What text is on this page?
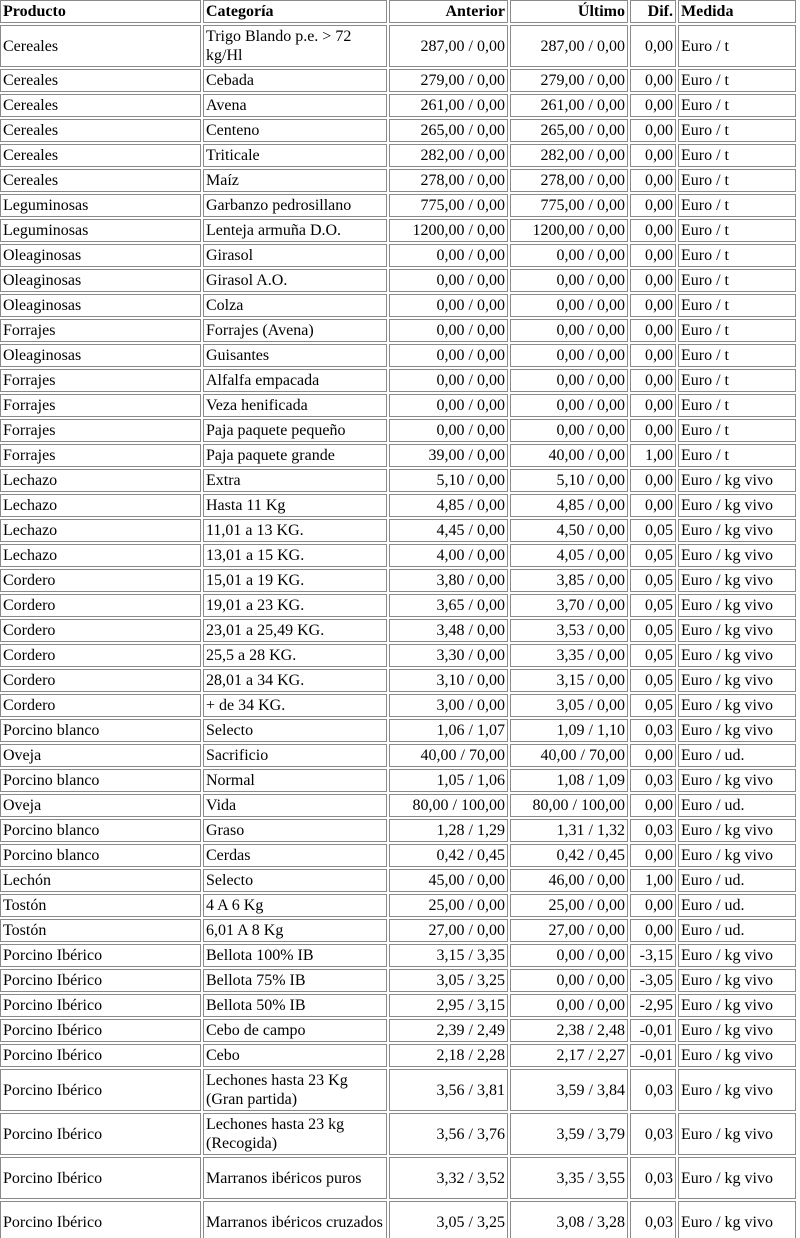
Producto	Categoría	Anterior	Último	Dif.	Medida
Cereales	Trigo Blando p.e. > 72 kg/Hl	287,00 / 0,00	287,00 / 0,00	0,00	Euro / t
Cereales	Cebada	279,00 / 0,00	279,00 / 0,00	0,00	Euro / t
Cereales	Avena	261,00 / 0,00	261,00 / 0,00	0,00	Euro / t
Cereales	Centeno	265,00 / 0,00	265,00 / 0,00	0,00	Euro / t
Cereales	Triticale	282,00 / 0,00	282,00 / 0,00	0,00	Euro / t
Cereales	Maíz	278,00 / 0,00	278,00 / 0,00	0,00	Euro / t
Leguminosas	Garbanzo pedrosillano	775,00 / 0,00	775,00 / 0,00	0,00	Euro / t
Leguminosas	Lenteja armuña D.O.	1200,00 / 0,00	1200,00 / 0,00	0,00	Euro / t
Oleaginosas	Girasol	0,00 / 0,00	0,00 / 0,00	0,00	Euro / t
Oleaginosas	Girasol A.O.	0,00 / 0,00	0,00 / 0,00	0,00	Euro / t
Oleaginosas	Colza	0,00 / 0,00	0,00 / 0,00	0,00	Euro / t
Forrajes	Forrajes (Avena)	0,00 / 0,00	0,00 / 0,00	0,00	Euro / t
Oleaginosas	Guisantes	0,00 / 0,00	0,00 / 0,00	0,00	Euro / t
Forrajes	Alfalfa empacada	0,00 / 0,00	0,00 / 0,00	0,00	Euro / t
Forrajes	Veza henificada	0,00 / 0,00	0,00 / 0,00	0,00	Euro / t
Forrajes	Paja paquete pequeño	0,00 / 0,00	0,00 / 0,00	0,00	Euro / t
Forrajes	Paja paquete grande	39,00 / 0,00	40,00 / 0,00	1,00	Euro / t
Lechazo	Extra	5,10 / 0,00	5,10 / 0,00	0,00	Euro / kg vivo
Lechazo	Hasta 11 Kg	4,85 / 0,00	4,85 / 0,00	0,00	Euro / kg vivo
Lechazo	11,01 a 13 KG.	4,45 / 0,00	4,50 / 0,00	0,05	Euro / kg vivo
Lechazo	13,01 a 15 KG.	4,00 / 0,00	4,05 / 0,00	0,05	Euro / kg vivo
Cordero	15,01 a 19 KG.	3,80 / 0,00	3,85 / 0,00	0,05	Euro / kg vivo
Cordero	19,01 a 23 KG.	3,65 / 0,00	3,70 / 0,00	0,05	Euro / kg vivo
Cordero	23,01 a 25,49 KG.	3,48 / 0,00	3,53 / 0,00	0,05	Euro / kg vivo
Cordero	25,5 a 28 KG.	3,30 / 0,00	3,35 / 0,00	0,05	Euro / kg vivo
Cordero	28,01 a 34 KG.	3,10 / 0,00	3,15 / 0,00	0,05	Euro / kg vivo
Cordero	+ de 34 KG.	3,00 / 0,00	3,05 / 0,00	0,05	Euro / kg vivo
Porcino blanco	Selecto	1,06 / 1,07	1,09 / 1,10	0,03	Euro / kg vivo
Oveja	Sacrificio	40,00 / 70,00	40,00 / 70,00	0,00	Euro / ud.
Porcino blanco	Normal	1,05 / 1,06	1,08 / 1,09	0,03	Euro / kg vivo
Oveja	Vida	80,00 / 100,00	80,00 / 100,00	0,00	Euro / ud.
Porcino blanco	Graso	1,28 / 1,29	1,31 / 1,32	0,03	Euro / kg vivo
Porcino blanco	Cerdas	0,42 / 0,45	0,42 / 0,45	0,00	Euro / kg vivo
Lechón	Selecto	45,00 / 0,00	46,00 / 0,00	1,00	Euro / ud.
Tostón	4 A 6 Kg	25,00 / 0,00	25,00 / 0,00	0,00	Euro / ud.
Tostón	6,01 A 8 Kg	27,00 / 0,00	27,00 / 0,00	0,00	Euro / ud.
Porcino Ibérico	Bellota 100% IB	3,15 / 3,35	0,00 / 0,00	-3,15	Euro / kg vivo
Porcino Ibérico	Bellota 75% IB	3,05 / 3,25	0,00 / 0,00	-3,05	Euro / kg vivo
Porcino Ibérico	Bellota 50% IB	2,95 / 3,15	0,00 / 0,00	-2,95	Euro / kg vivo
Porcino Ibérico	Cebo de campo	2,39 / 2,49	2,38 / 2,48	-0,01	Euro / kg vivo
Porcino Ibérico	Cebo	2,18 / 2,28	2,17 / 2,27	-0,01	Euro / kg vivo
Porcino Ibérico	Lechones hasta 23 Kg (Gran partida)	3,56 / 3,81	3,59 / 3,84	0,03	Euro / kg vivo
Porcino Ibérico	Lechones hasta 23 kg (Recogida)	3,56 / 3,76	3,59 / 3,79	0,03	Euro / kg vivo
Porcino Ibérico	Marranos ibéricos puros	3,32 / 3,52	3,35 / 3,55	0,03	Euro / kg vivo
Porcino Ibérico	Marranos ibéricos cruzados	3,05 / 3,25	3,08 / 3,28	0,03	Euro / kg vivo
